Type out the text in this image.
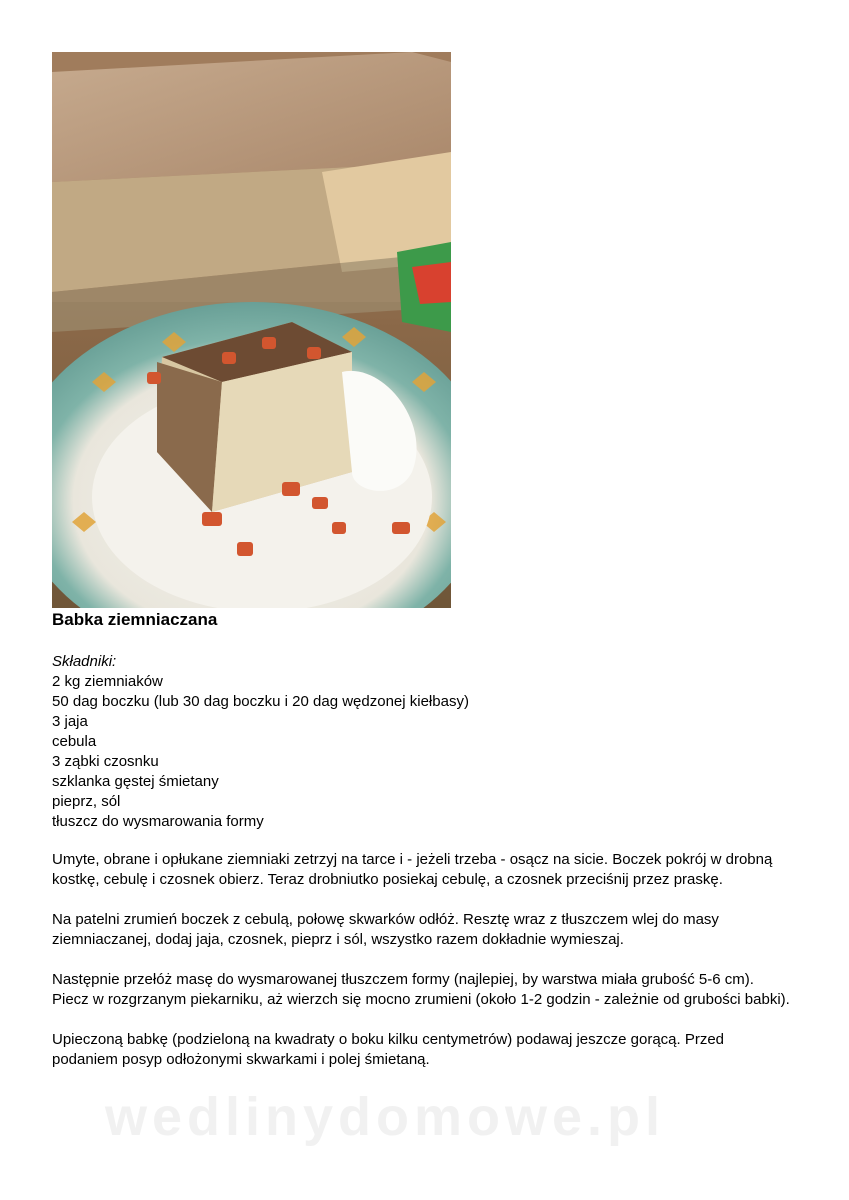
Babka ziemniaczana
Składniki:
2 kg ziemniaków
50 dag boczku (lub 30 dag boczku i 20 dag wędzonej kiełbasy)
3 jaja
cebula
3 ząbki czosnku
szklanka gęstej śmietany
pieprz, sól
tłuszcz do wysmarowania formy

Umyte, obrane i opłukane ziemniaki zetrzyj na tarce i - jeżeli trzeba - osącz na sicie. Boczek pokrój w drobną kostkę, cebulę i czosnek obierz. Teraz drobniutko posiekaj cebulę, a czosnek przeciśnij przez praskę.

Na patelni zrumień boczek z cebulą, połowę skwarków odłóż. Resztę wraz z tłuszczem wlej do masy ziemniaczanej, dodaj jaja, czosnek, pieprz i sól, wszystko razem dokładnie wymieszaj.

Następnie przełóż masę do wysmarowanej tłuszczem formy (najlepiej, by warstwa miała grubość 5-6 cm). Piecz w rozgrzanym piekarniku, aż wierzch się mocno zrumieni (około 1-2 godzin - zależnie od grubości babki).

Upieczoną babkę (podzieloną na kwadraty o boku kilku centymetrów) podawaj jeszcze gorącą. Przed podaniem posyp odłożonymi skwarkami i polej śmietaną.

wedlinydomowe.pl
